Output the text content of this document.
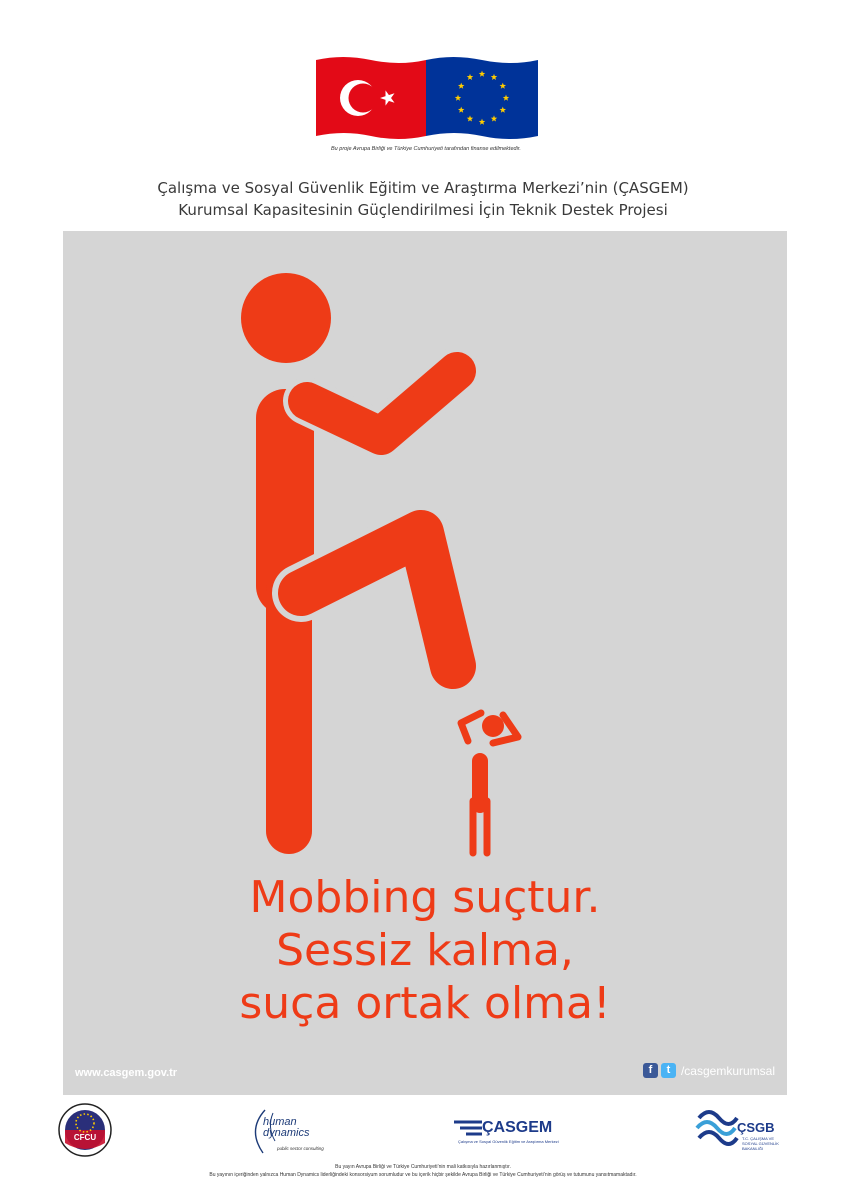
Bu proje Avrupa Birliği ve Türkiye Cumhuriyeti tarafından finanse edilmektedir.
Çalışma ve Sosyal Güvenlik Eğitim ve Araştırma Merkezi’nin (ÇASGEM)
Kurumsal Kapasitesinin Güçlendirilmesi İçin Teknik Destek Projesi
Mobbing suçtur.
Sessiz kalma,
suça ortak olma!
www.casgem.gov.tr	f	t /casgemkurumsal
CFCU
human
dynamics
public sector consulting
ÇASGEM
Çalışma ve Sosyal Güvenlik Eğitim ve Araştırma Merkezi
ÇSGB
T.C. ÇALIŞMA VE SOSYAL GÜVENLİK BAKANLIĞI
Bu yayın Avrupa Birliği ve Türkiye Cumhuriyeti’nin mali katkısıyla hazırlanmıştır.
Bu yayının içeriğinden yalnızca Human Dynamics liderliğindeki konsorsiyum sorumludur ve bu içerik hiçbir şekilde Avrupa Birliği ve Türkiye Cumhuriyeti’nin görüş ve tutumunu yansıtmamaktadır.
